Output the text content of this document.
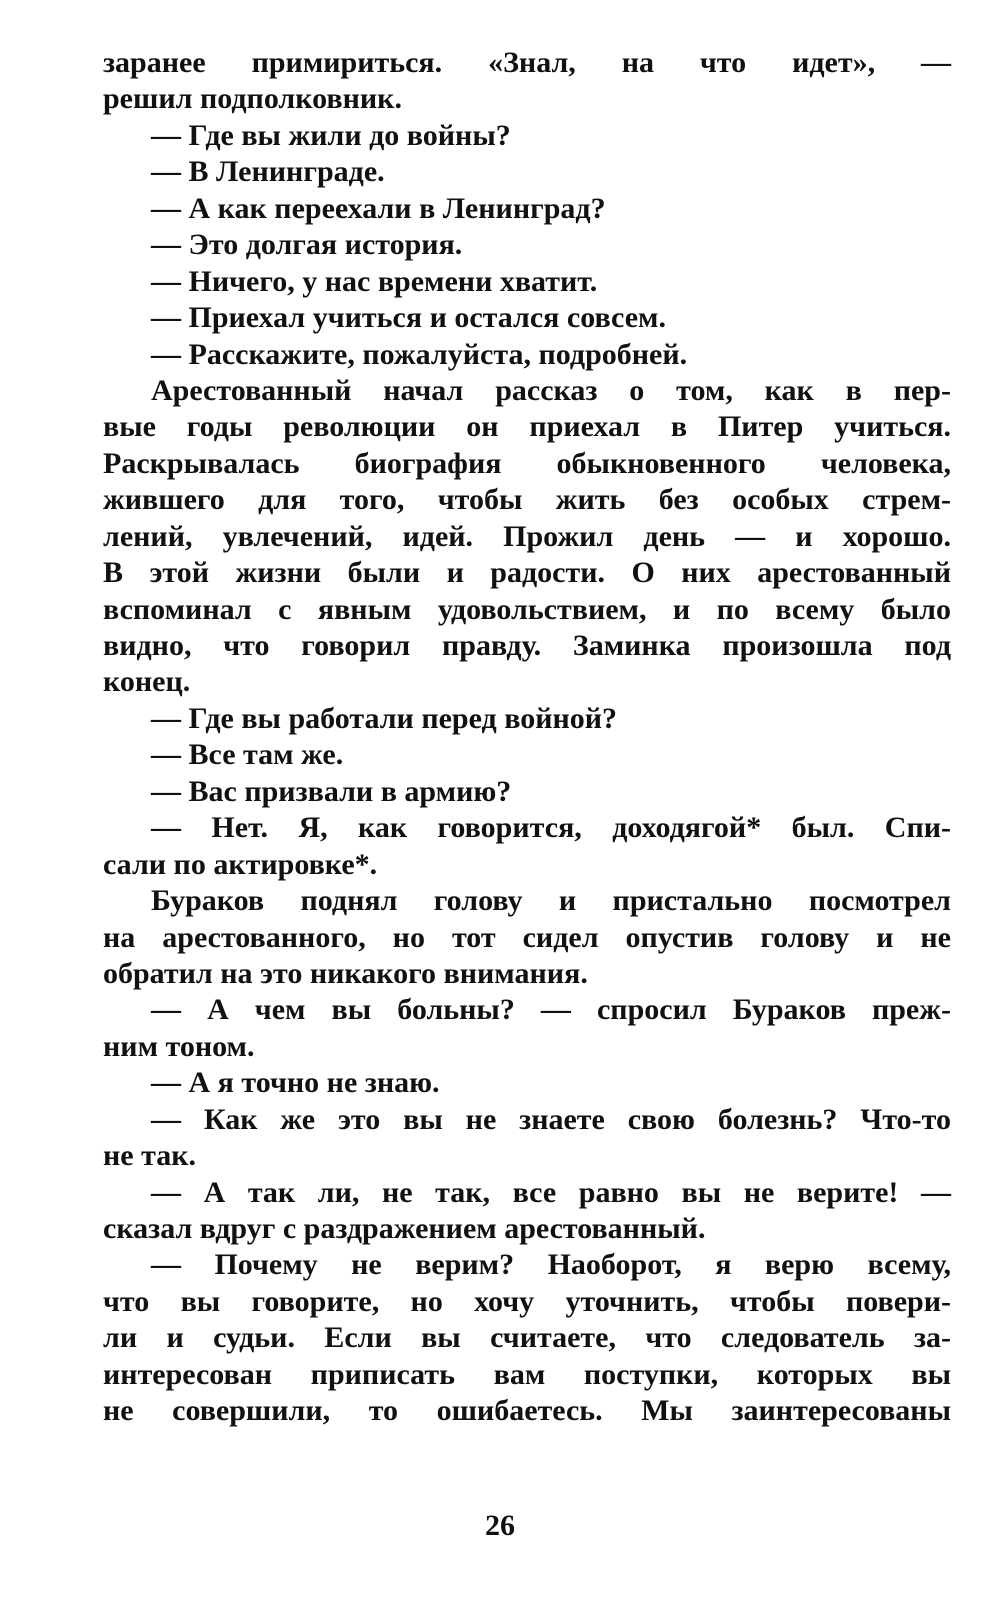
заранее примириться. «Знал, на что идет», —
решил подполковник.
— Где вы жили до войны?
— В Ленинграде.
— А как переехали в Ленинград?
— Это долгая история.
— Ничего, у нас времени хватит.
— Приехал учиться и остался совсем.
— Расскажите, пожалуйста, подробней.
Арестованный начал рассказ о том, как в пер-
вые годы революции он приехал в Питер учиться.
Раскрывалась биография обыкновенного человека,
жившего для того, чтобы жить без особых стрем-
лений, увлечений, идей. Прожил день — и хорошо.
В этой жизни были и радости. О них арестованный
вспоминал с явным удовольствием, и по всему было
видно, что говорил правду. Заминка произошла под
конец.
— Где вы работали перед войной?
— Все там же.
— Вас призвали в армию?
— Нет. Я, как говорится, доходягой* был. Спи-
сали по актировке*.
Бураков поднял голову и пристально посмотрел
на арестованного, но тот сидел опустив голову и не
обратил на это никакого внимания.
— А чем вы больны? — спросил Бураков преж-
ним тоном.
— А я точно не знаю.
— Как же это вы не знаете свою болезнь? Что-то
не так.
— А так ли, не так, все равно вы не верите! —
сказал вдруг с раздражением арестованный.
— Почему не верим? Наоборот, я верю всему,
что вы говорите, но хочу уточнить, чтобы повери-
ли и судьи. Если вы считаете, что следователь за-
интересован приписать вам поступки, которых вы
не совершили, то ошибаетесь. Мы заинтересованы
26
